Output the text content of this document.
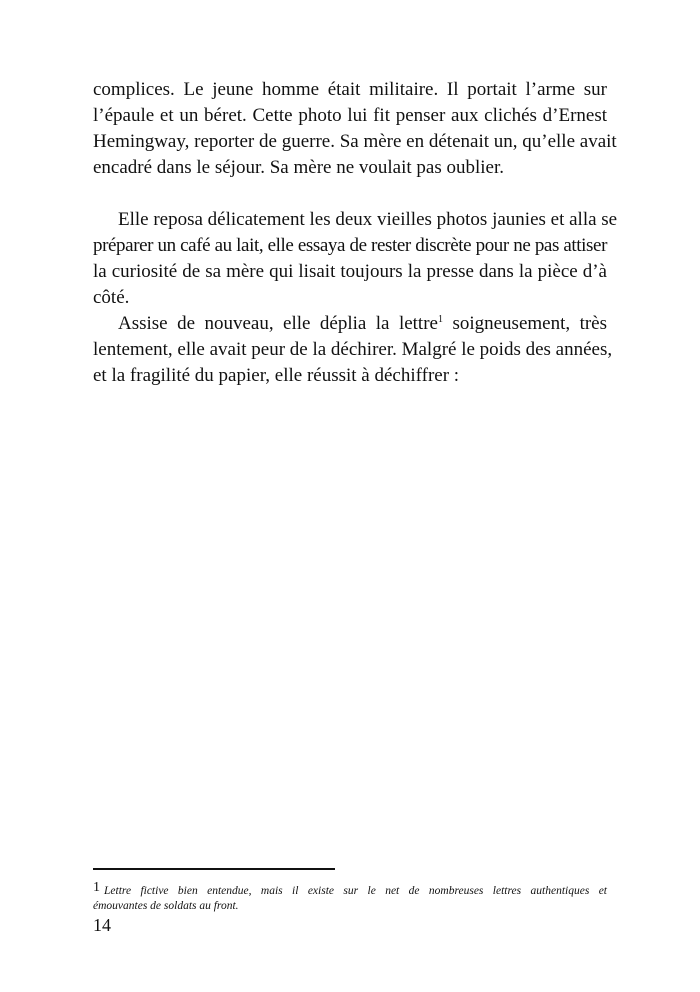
complices. Le jeune homme était militaire. Il portait l’arme sur
l’épaule et un béret. Cette photo lui fit penser aux clichés d’Ernest
Hemingway, reporter de guerre. Sa mère en détenait un, qu’elle avait
encadré dans le séjour. Sa mère ne voulait pas oublier.
Elle reposa délicatement les deux vieilles photos jaunies et alla se
préparer un café au lait, elle essaya de rester discrète pour ne pas attiser
la curiosité de sa mère qui lisait toujours la presse dans la pièce d’à
côté.
Assise de nouveau, elle déplia la lettre$^1$ soigneusement, très
lentement, elle avait peur de la déchirer. Malgré le poids des années,
et la fragilité du papier, elle réussit à déchiffrer :
1 Lettre fictive bien entendue, mais il existe sur le net de nombreuses lettres authentiques et
émouvantes de soldats au front.
14
